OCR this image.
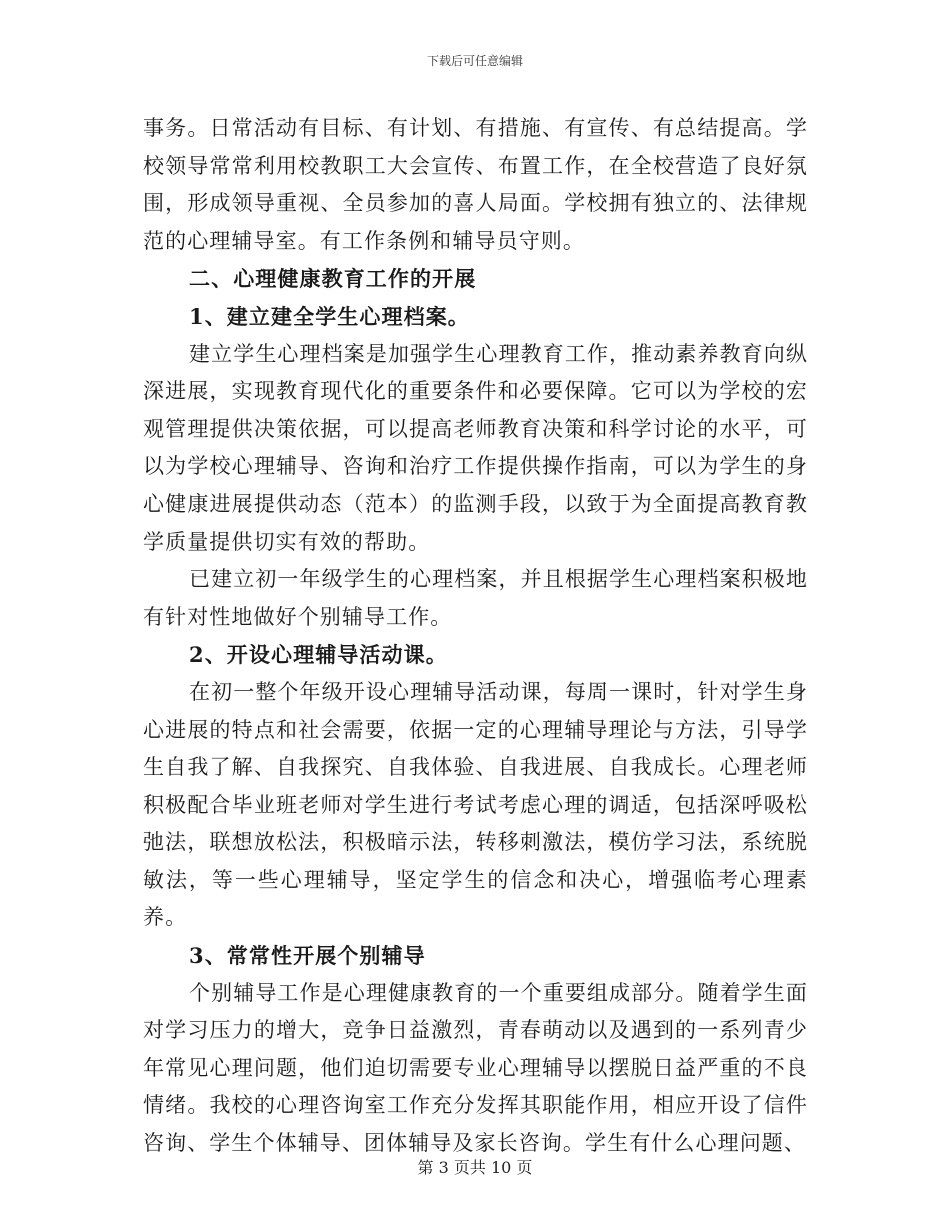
下载后可任意编辑

事务。日常活动有目标、有计划、有措施、有宣传、有总结提高。学校领导常常利用校教职工大会宣传、布置工作，在全校营造了良好氛围，形成领导重视、全员参加的喜人局面。学校拥有独立的、法律规范的心理辅导室。有工作条例和辅导员守则。

二、心理健康教育工作的开展

1、建立建全学生心理档案。

建立学生心理档案是加强学生心理教育工作，推动素养教育向纵深进展，实现教育现代化的重要条件和必要保障。它可以为学校的宏观管理提供决策依据，可以提高老师教育决策和科学讨论的水平，可以为学校心理辅导、咨询和治疗工作提供操作指南，可以为学生的身心健康进展提供动态（范本）的监测手段，以致于为全面提高教育教学质量提供切实有效的帮助。

已建立初一年级学生的心理档案，并且根据学生心理档案积极地有针对性地做好个别辅导工作。

2、开设心理辅导活动课。

在初一整个年级开设心理辅导活动课，每周一课时，针对学生身心进展的特点和社会需要，依据一定的心理辅导理论与方法，引导学生自我了解、自我探究、自我体验、自我进展、自我成长。心理老师积极配合毕业班老师对学生进行考试考虑心理的调适，包括深呼吸松弛法，联想放松法，积极暗示法，转移刺激法，模仿学习法，系统脱敏法，等一些心理辅导，坚定学生的信念和决心，增强临考心理素养。

3、常常性开展个别辅导

个别辅导工作是心理健康教育的一个重要组成部分。随着学生面对学习压力的增大，竞争日益激烈，青春萌动以及遇到的一系列青少年常见心理问题，他们迫切需要专业心理辅导以摆脱日益严重的不良情绪。我校的心理咨询室工作充分发挥其职能作用，相应开设了信件咨询、学生个体辅导、团体辅导及家长咨询。学生有什么心理问题、

第 3 页共 10 页
